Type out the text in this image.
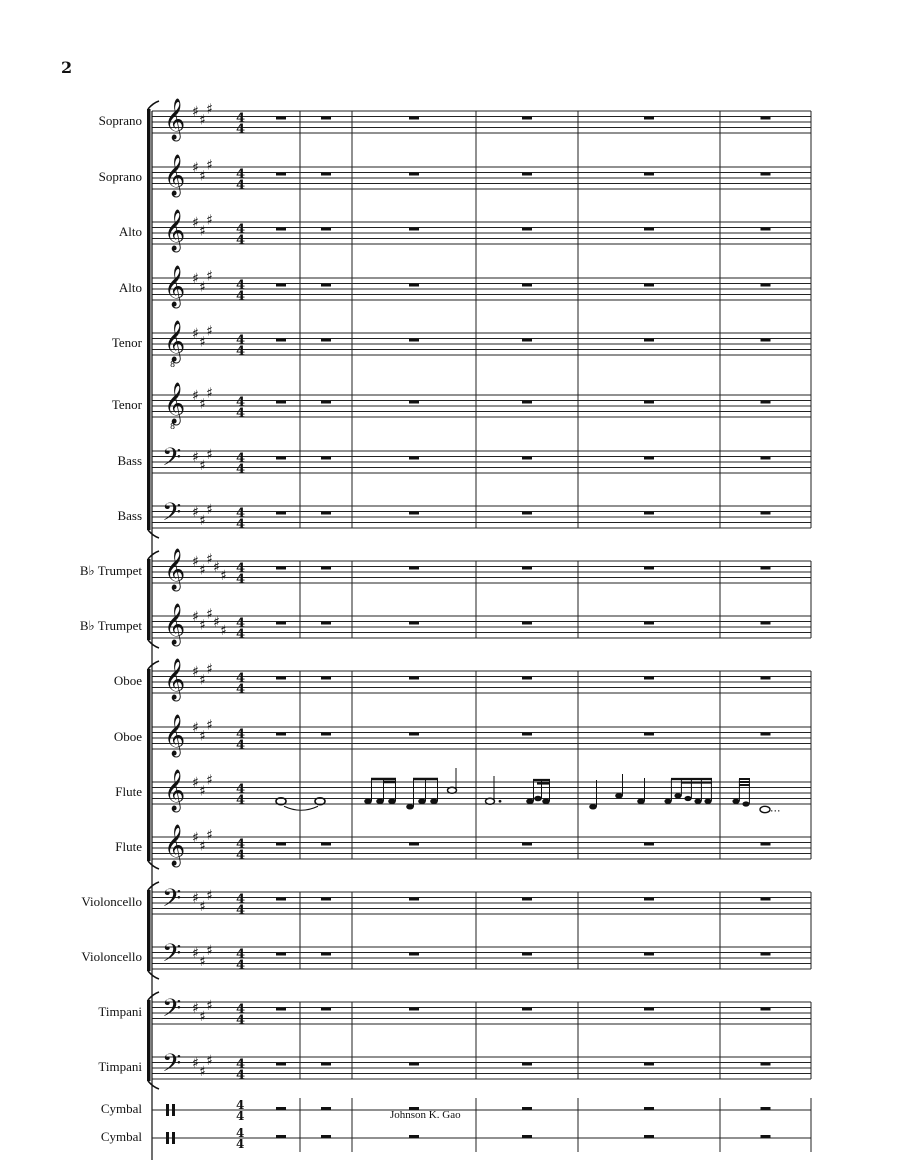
2
Soprano
Soprano
Alto
Alto
Tenor
Tenor
Bass
Bass
B♭ Trumpet
B♭ Trumpet
Oboe
Oboe
Flute
Flute
Violoncello
Violoncello
Timpani
Timpani
Cymbal
Cymbal
𝄞 ♯
♯
♯
4
4
𝄞 ♯
♯
♯
4
4
𝄞 ♯
♯
♯
4
4
𝄞 ♯
♯
♯
4
4
𝄞
8
♯
♯
♯
4
4
𝄞
8
♯
♯
♯
4
4
𝄢 ♯
♯
♯ 4
4
𝄢 ♯
♯
♯ 4
4
𝄞 ♯
♯
♯
♯
♯ 4
4
𝄞 ♯
♯
♯
♯
♯ 4
4
𝄞 ♯
♯
♯
4
4
𝄞 ♯
♯
♯
4
4
𝄞 ♯
♯
♯
4
4	...
𝄞 ♯
♯
♯
4
4
𝄢 ♯
♯
♯ 4
4
𝄢 ♯
♯
♯ 4
4
𝄢 ♯
♯
♯ 4
4
𝄢 ♯
♯
♯ 4
4
4
4
4
4
Johnson K. Gao
